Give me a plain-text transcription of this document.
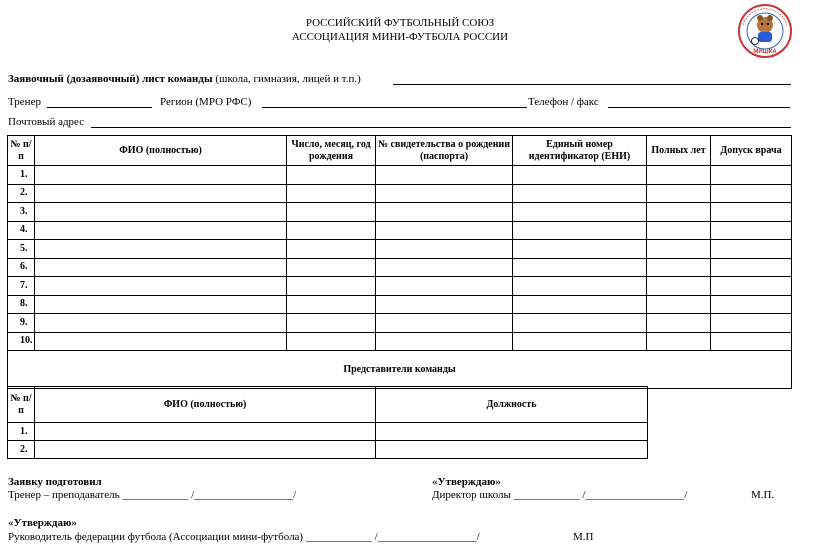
РОССИЙСКИЙ ФУТБОЛЬНЫЙ СОЮЗ
АССОЦИАЦИЯ МИНИ-ФУТБОЛА РОССИИ
МИШКА
Заявочный (дозаявочный) лист команды (школа, гимназия, лицей и т.п.)
Тренер	Регион (МРО РФС)	Телефон / факс
Почтовый адрес
№ п/п	ФИО (полностью)	Число, месяц, год рождения	№ свидетельства о рождении (паспорта)	Единый номер идентификатор (ЕНИ)	Полных лет	Допуск врача
1.						
2.						
3.						
4.						
5.						
6.						
7.						
8.						
9.						
10.						
Представители команды						
№ п/п	ФИО (полностью)	Должность
1.		
2.		
Заявку подготовил
Тренер – преподаватель ____________ /__________________/
«Утверждаю»
Директор школы ____________ /__________________/	М.П.
«Утверждаю»
Руководитель федерации футбола (Ассоциации мини-футбола) ____________ /__________________/	М.П
